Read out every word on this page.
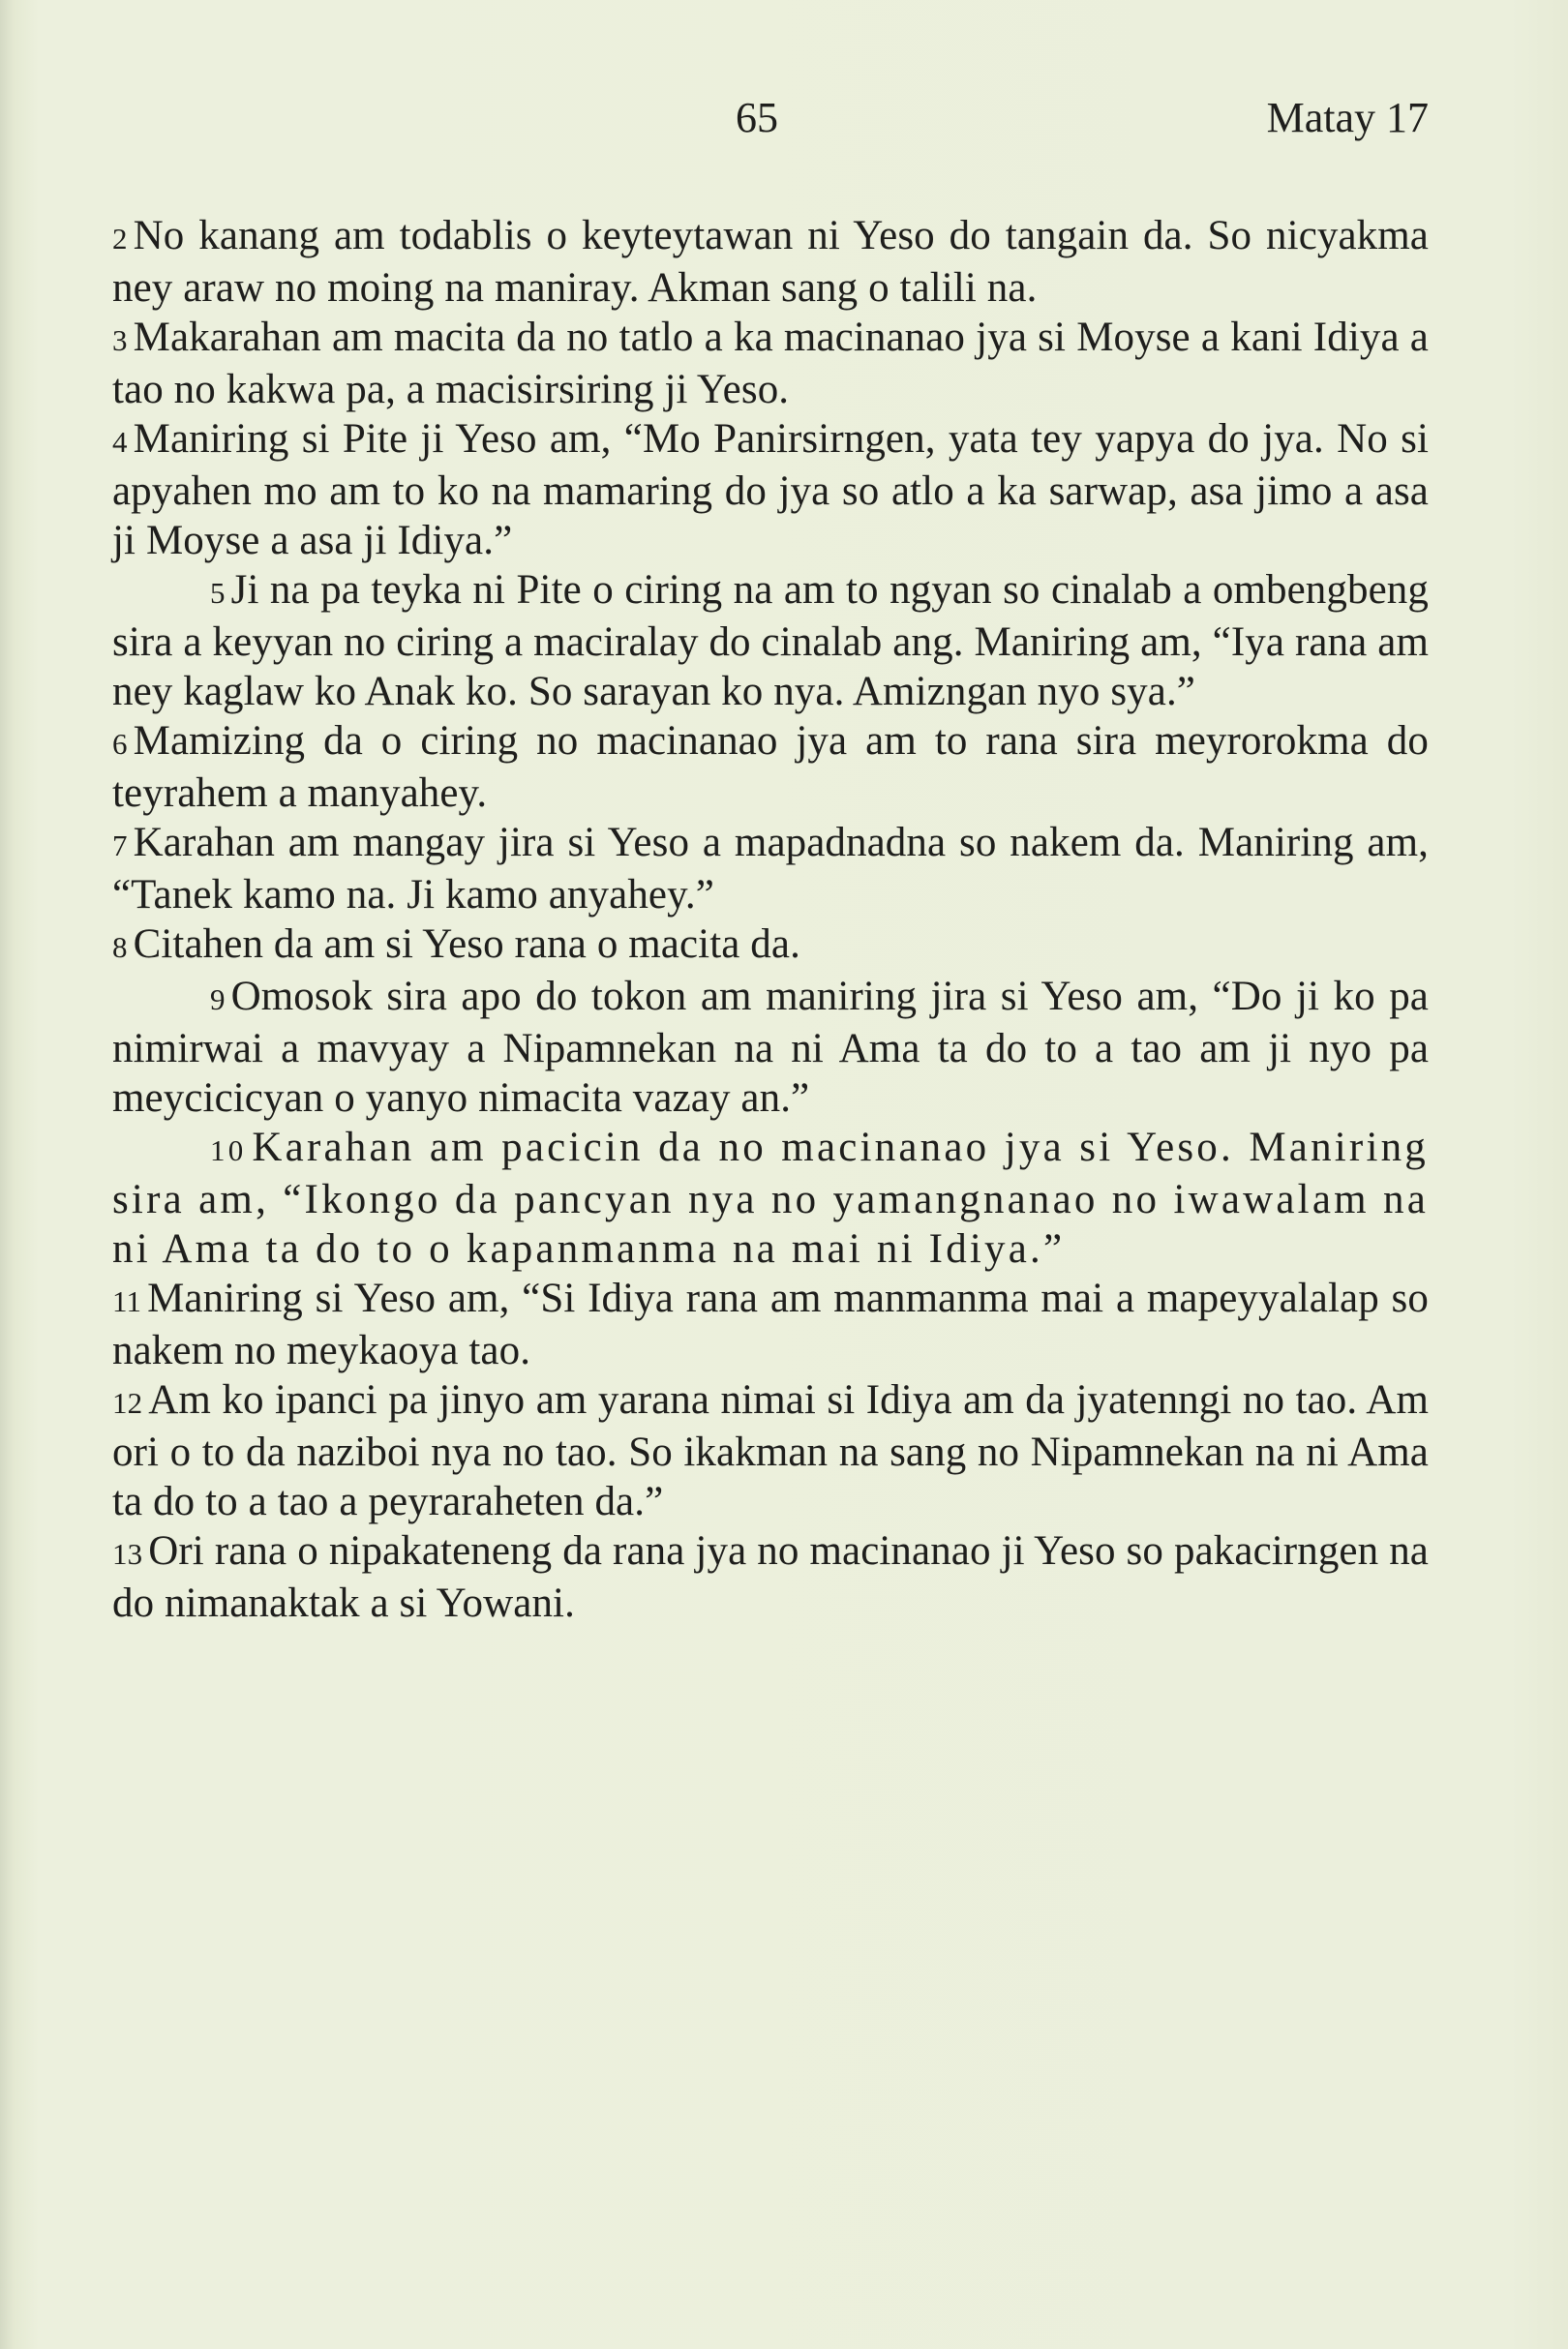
65	Matay 17

2 No kanang am todablis o keyteytawan ni Yeso do tangain da. So nicyakma ney araw no moing na maniray. Akman sang o talili na.

3 Makarahan am macita da no tatlo a ka macinanao jya si Moyse a kani Idiya a tao no kakwa pa, a macisirsiring ji Yeso.

4 Maniring si Pite ji Yeso am, “Mo Panirsirngen, yata tey yapya do jya. No si apyahen mo am to ko na mamaring do jya so atlo a ka sarwap, asa jimo a asa ji Moyse a asa ji Idiya.”

5 Ji na pa teyka ni Pite o ciring na am to ngyan so cinalab a ombengbeng sira a keyyan no ciring a maciralay do cinalab ang. Maniring am, “Iya rana am ney kaglaw ko Anak ko. So sarayan ko nya. Amizngan nyo sya.”

6 Mamizing da o ciring no macinanao jya am to rana sira meyrorokma do teyrahem a manyahey.

7 Karahan am mangay jira si Yeso a mapadnadna so nakem da. Maniring am, “Tanek kamo na. Ji kamo anyahey.”

8 Citahen da am si Yeso rana o macita da.

9 Omosok sira apo do tokon am maniring jira si Yeso am, “Do ji ko pa nimirwai a mavyay a Nipamnekan na ni Ama ta do to a tao am ji nyo pa meycicicyan o yanyo nimacita vazay an.”

10 Karahan am pacicin da no macinanao jya si Yeso. Maniring sira am, “Ikongo da pancyan nya no yamangnanao no iwawalam na ni Ama ta do to o kapanmanma na mai ni Idiya.”

11 Maniring si Yeso am, “Si Idiya rana am manmanma mai a mapeyyalalap so nakem no meykaoya tao.

12 Am ko ipanci pa jinyo am yarana nimai si Idiya am da jyatenngi no tao. Am ori o to da naziboi nya no tao. So ikakman na sang no Nipamnekan na ni Ama ta do to a tao a peyraraheten da.”

13 Ori rana o nipakateneng da rana jya no macinanao ji Yeso so pakacirngen na do nimanaktak a si Yowani.
